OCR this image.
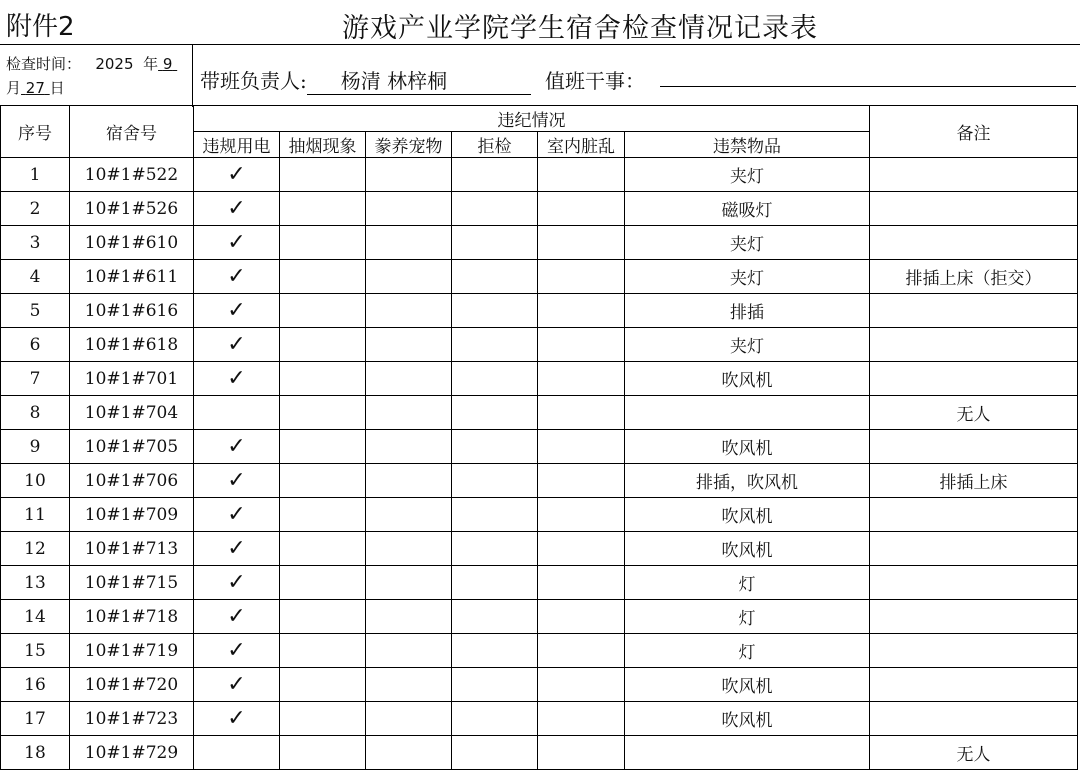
附件2	游戏产业学院学生宿舍检查情况记录表
检查时间： 2025 年 9
月 27 日	带班负责人: 杨清 林梓桐	值班干事：
序号	宿舍号	违纪情况						备注
		违规用电	抽烟现象	豢养宠物	拒检	室内脏乱	违禁物品	
1	10#1#522	✓					夹灯	
2	10#1#526	✓					磁吸灯	
3	10#1#610	✓					夹灯	
4	10#1#611	✓					夹灯	排插上床（拒交）
5	10#1#616	✓					排插	
6	10#1#618	✓					夹灯	
7	10#1#701	✓					吹风机	
8	10#1#704							无人
9	10#1#705	✓					吹风机	
10	10#1#706	✓					排插，吹风机	排插上床
11	10#1#709	✓					吹风机	
12	10#1#713	✓					吹风机	
13	10#1#715	✓					灯	
14	10#1#718	✓					灯	
15	10#1#719	✓					灯	
16	10#1#720	✓					吹风机	
17	10#1#723	✓					吹风机	
18	10#1#729							无人
